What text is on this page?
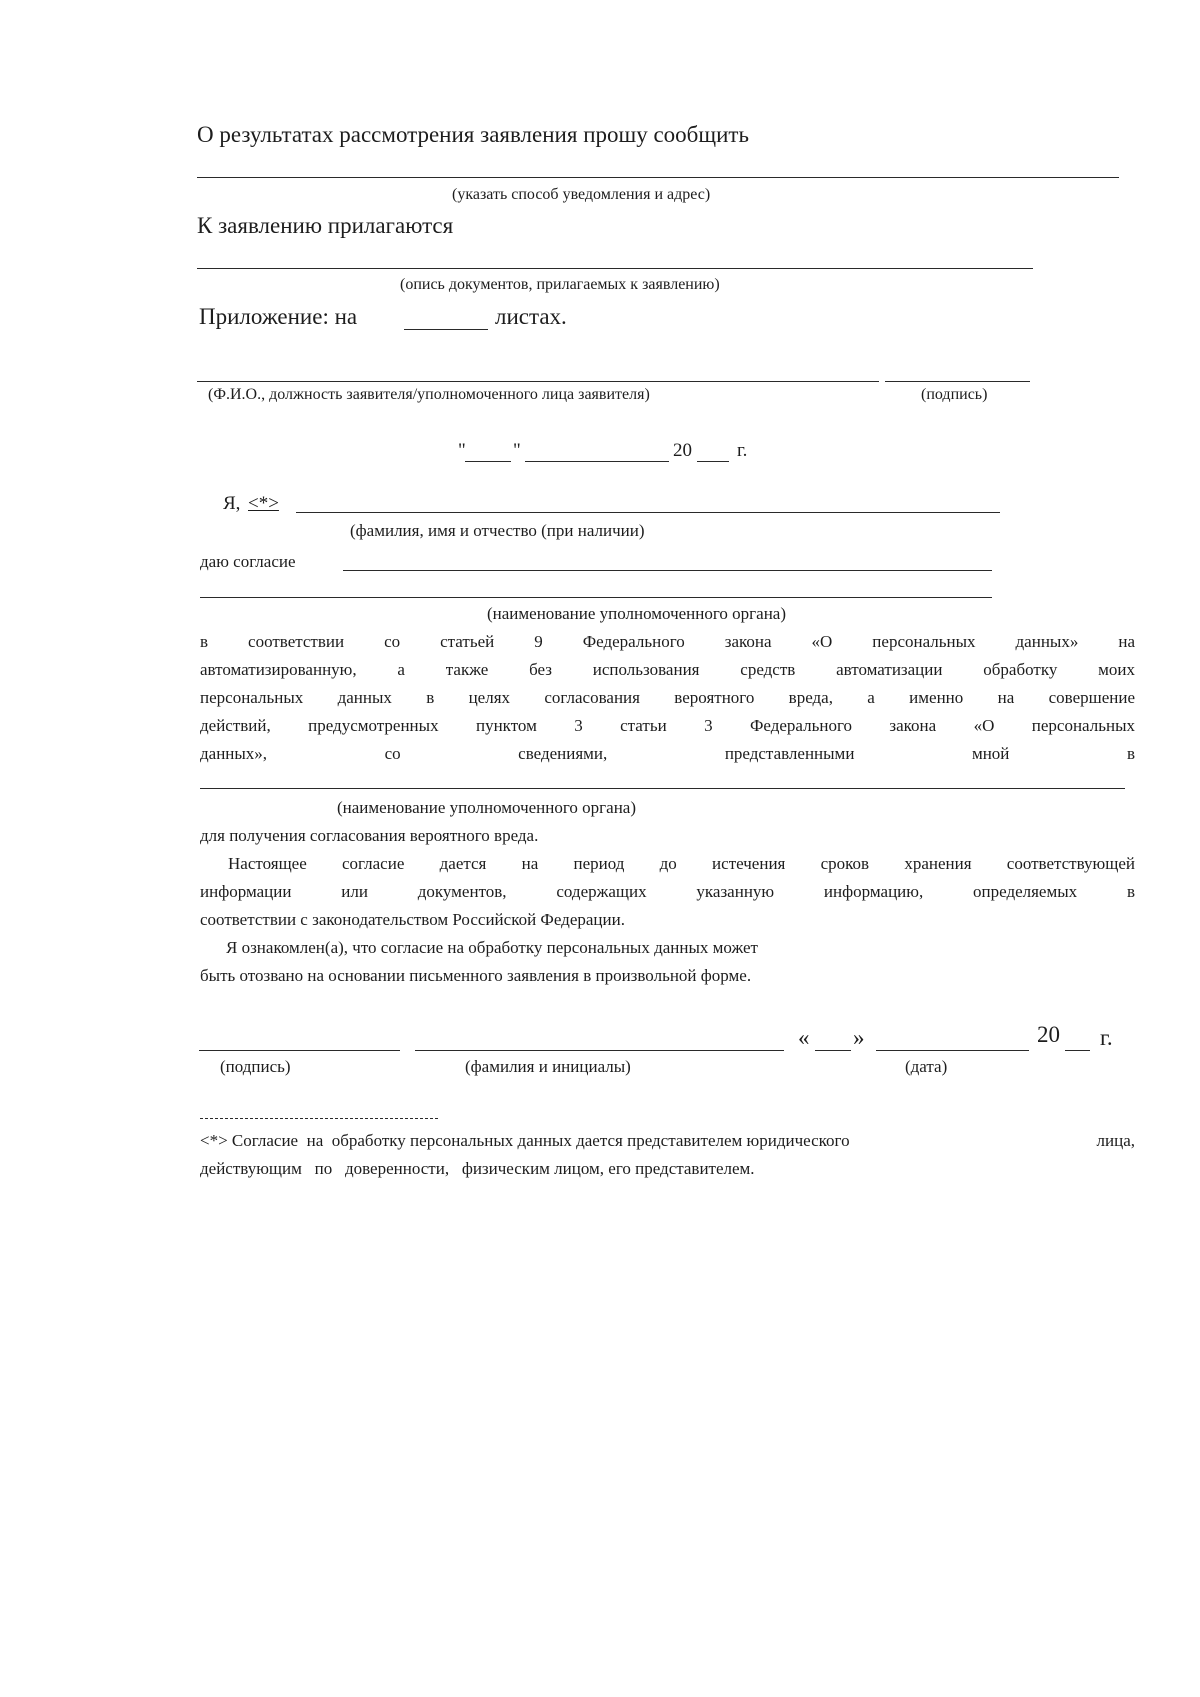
О результатах рассмотрения заявления прошу сообщить
(указать способ уведомления и адрес)
К заявлению прилагаются
(опись документов, прилагаемых к заявлению)
Приложение: на	листах.
(Ф.И.О., должность заявителя/уполномоченного лица заявителя)	(подпись)
" "	20 г.
Я, <*>
(фамилия, имя и отчество (при наличии)
даю согласие
(наименование уполномоченного органа)
в соответствии со статьей 9 Федерального закона «О персональных данных» на
автоматизированную, а также без использования средств автоматизации обработку моих
персональных данных в целях согласования вероятного вреда, а именно на совершение
действий, предусмотренных пунктом 3 статьи 3 Федерального закона «О персональных
данных»,	со	сведениями,	представленными	мной	в
(наименование уполномоченного органа)
для получения согласования вероятного вреда.
Настоящее согласие дается на период до истечения сроков хранения соответствующей
информации или документов, содержащих указанную информацию, определяемых в
соответствии с законодательством Российской Федерации.
Я ознакомлен(а), что согласие на обработку персональных данных может
быть отозвано на основании письменного заявления в произвольной форме.
« »	20 г.
(подпись)	(фамилия и инициалы)	(дата)
<*> Согласие  на  обработку персональных данных дается представителем юридического	лица,
действующим   по   доверенности,   физическим лицом, его представителем.
